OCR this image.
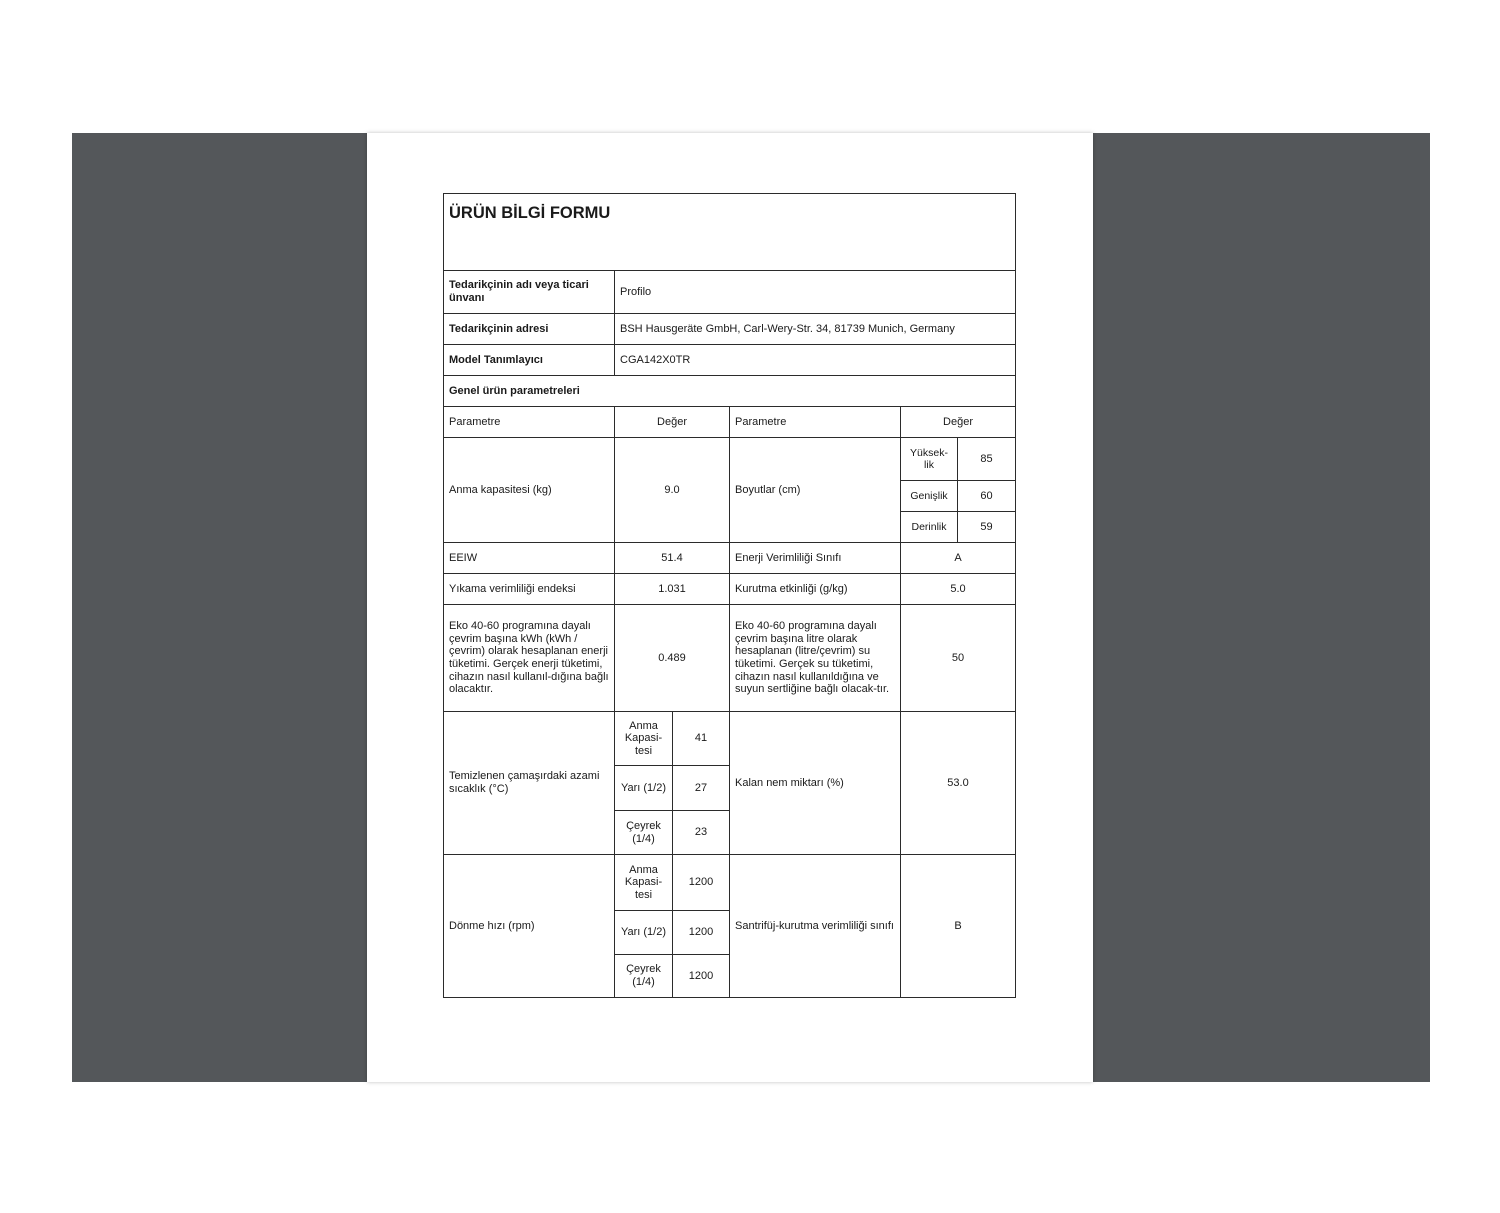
ÜRÜN BİLGİ FORMU					
Tedarikçinin adı veya ticari ünvanı	Profilo				
Tedarikçinin adresi	BSH Hausgeräte GmbH, Carl-Wery-Str. 34, 81739 Munich, Germany				
Model Tanımlayıcı	CGA142X0TR				
Genel ürün parametreleri					
Parametre	Değer		Parametre	Değer	
Anma kapasitesi (kg)	9.0		Boyutlar (cm)	Yüksek-lik	85
				Genişlik	60
				Derinlik	59
EEIW	51.4		Enerji Verimliliği Sınıfı	A	
Yıkama verimliliği endeksi	1.031		Kurutma etkinliği (g/kg)	5.0	
Eko 40-60 programına dayalı çevrim başına kWh (kWh / çevrim) olarak hesaplanan enerji tüketimi. Gerçek enerji tüketimi, cihazın nasıl kullanıl-dığına bağlı olacaktır.	0.489		Eko 40-60 programına dayalı çevrim başına litre olarak hesaplanan (litre/çevrim) su tüketimi. Gerçek su tüketimi, cihazın nasıl kullanıldığına ve suyun sertliğine bağlı olacak-tır.	50	
Temizlenen çamaşırdaki azami sıcaklık (°C)	Anma Kapasi-tesi	41	Kalan nem miktarı (%)	53.0	
	Yarı (1/2)	27			
	Çeyrek (1/4)	23			
Dönme hızı (rpm)	Anma Kapasi-tesi	1200	Santrifüj-kurutma verimliliği sınıfı	B	
	Yarı (1/2)	1200			
	Çeyrek (1/4)	1200			
